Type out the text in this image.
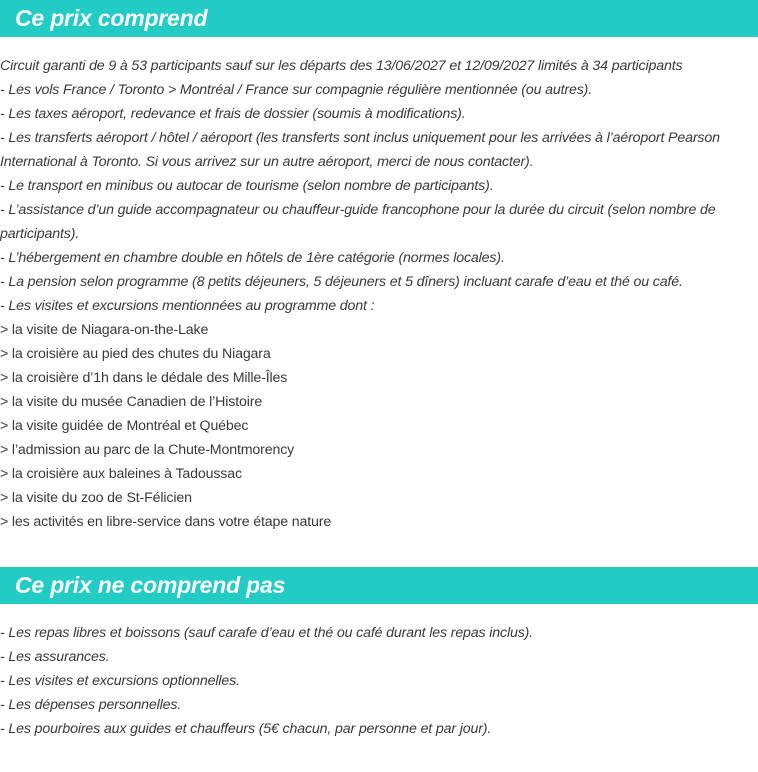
Ce prix comprend

Circuit garanti de 9 à 53 participants sauf sur les départs des 13/06/2027 et 12/09/2027 limités à 34 participants

- Les vols France / Toronto > Montréal / France sur compagnie régulière mentionnée (ou autres).

- Les taxes aéroport, redevance et frais de dossier (soumis à modifications).

- Les transferts aéroport / hôtel / aéroport (les transferts sont inclus uniquement pour les arrivées à l’aéroport Pearson International à Toronto. Si vous arrivez sur un autre aéroport, merci de nous contacter).

- Le transport en minibus ou autocar de tourisme (selon nombre de participants).

- L’assistance d’un guide accompagnateur ou chauffeur-guide francophone pour la durée du circuit (selon nombre de participants).

- L’hébergement en chambre double en hôtels de 1ère catégorie (normes locales).

- La pension selon programme (8 petits déjeuners, 5 déjeuners et 5 dîners) incluant carafe d’eau et thé ou café.

- Les visites et excursions mentionnées au programme dont :

> la visite de Niagara-on-the-Lake

> la croisière au pied des chutes du Niagara

> la croisière d’1h dans le dédale des Mille-Îles

> la visite du musée Canadien de l’Histoire

> la visite guidée de Montréal et Québec

> l’admission au parc de la Chute-Montmorency

> la croisière aux baleines à Tadoussac

> la visite du zoo de St-Félicien

> les activités en libre-service dans votre étape nature

Ce prix ne comprend pas

- Les repas libres et boissons (sauf carafe d’eau et thé ou café durant les repas inclus).

- Les assurances.

- Les visites et excursions optionnelles.

- Les dépenses personnelles.

- Les pourboires aux guides et chauffeurs (5€ chacun, par personne et par jour).
